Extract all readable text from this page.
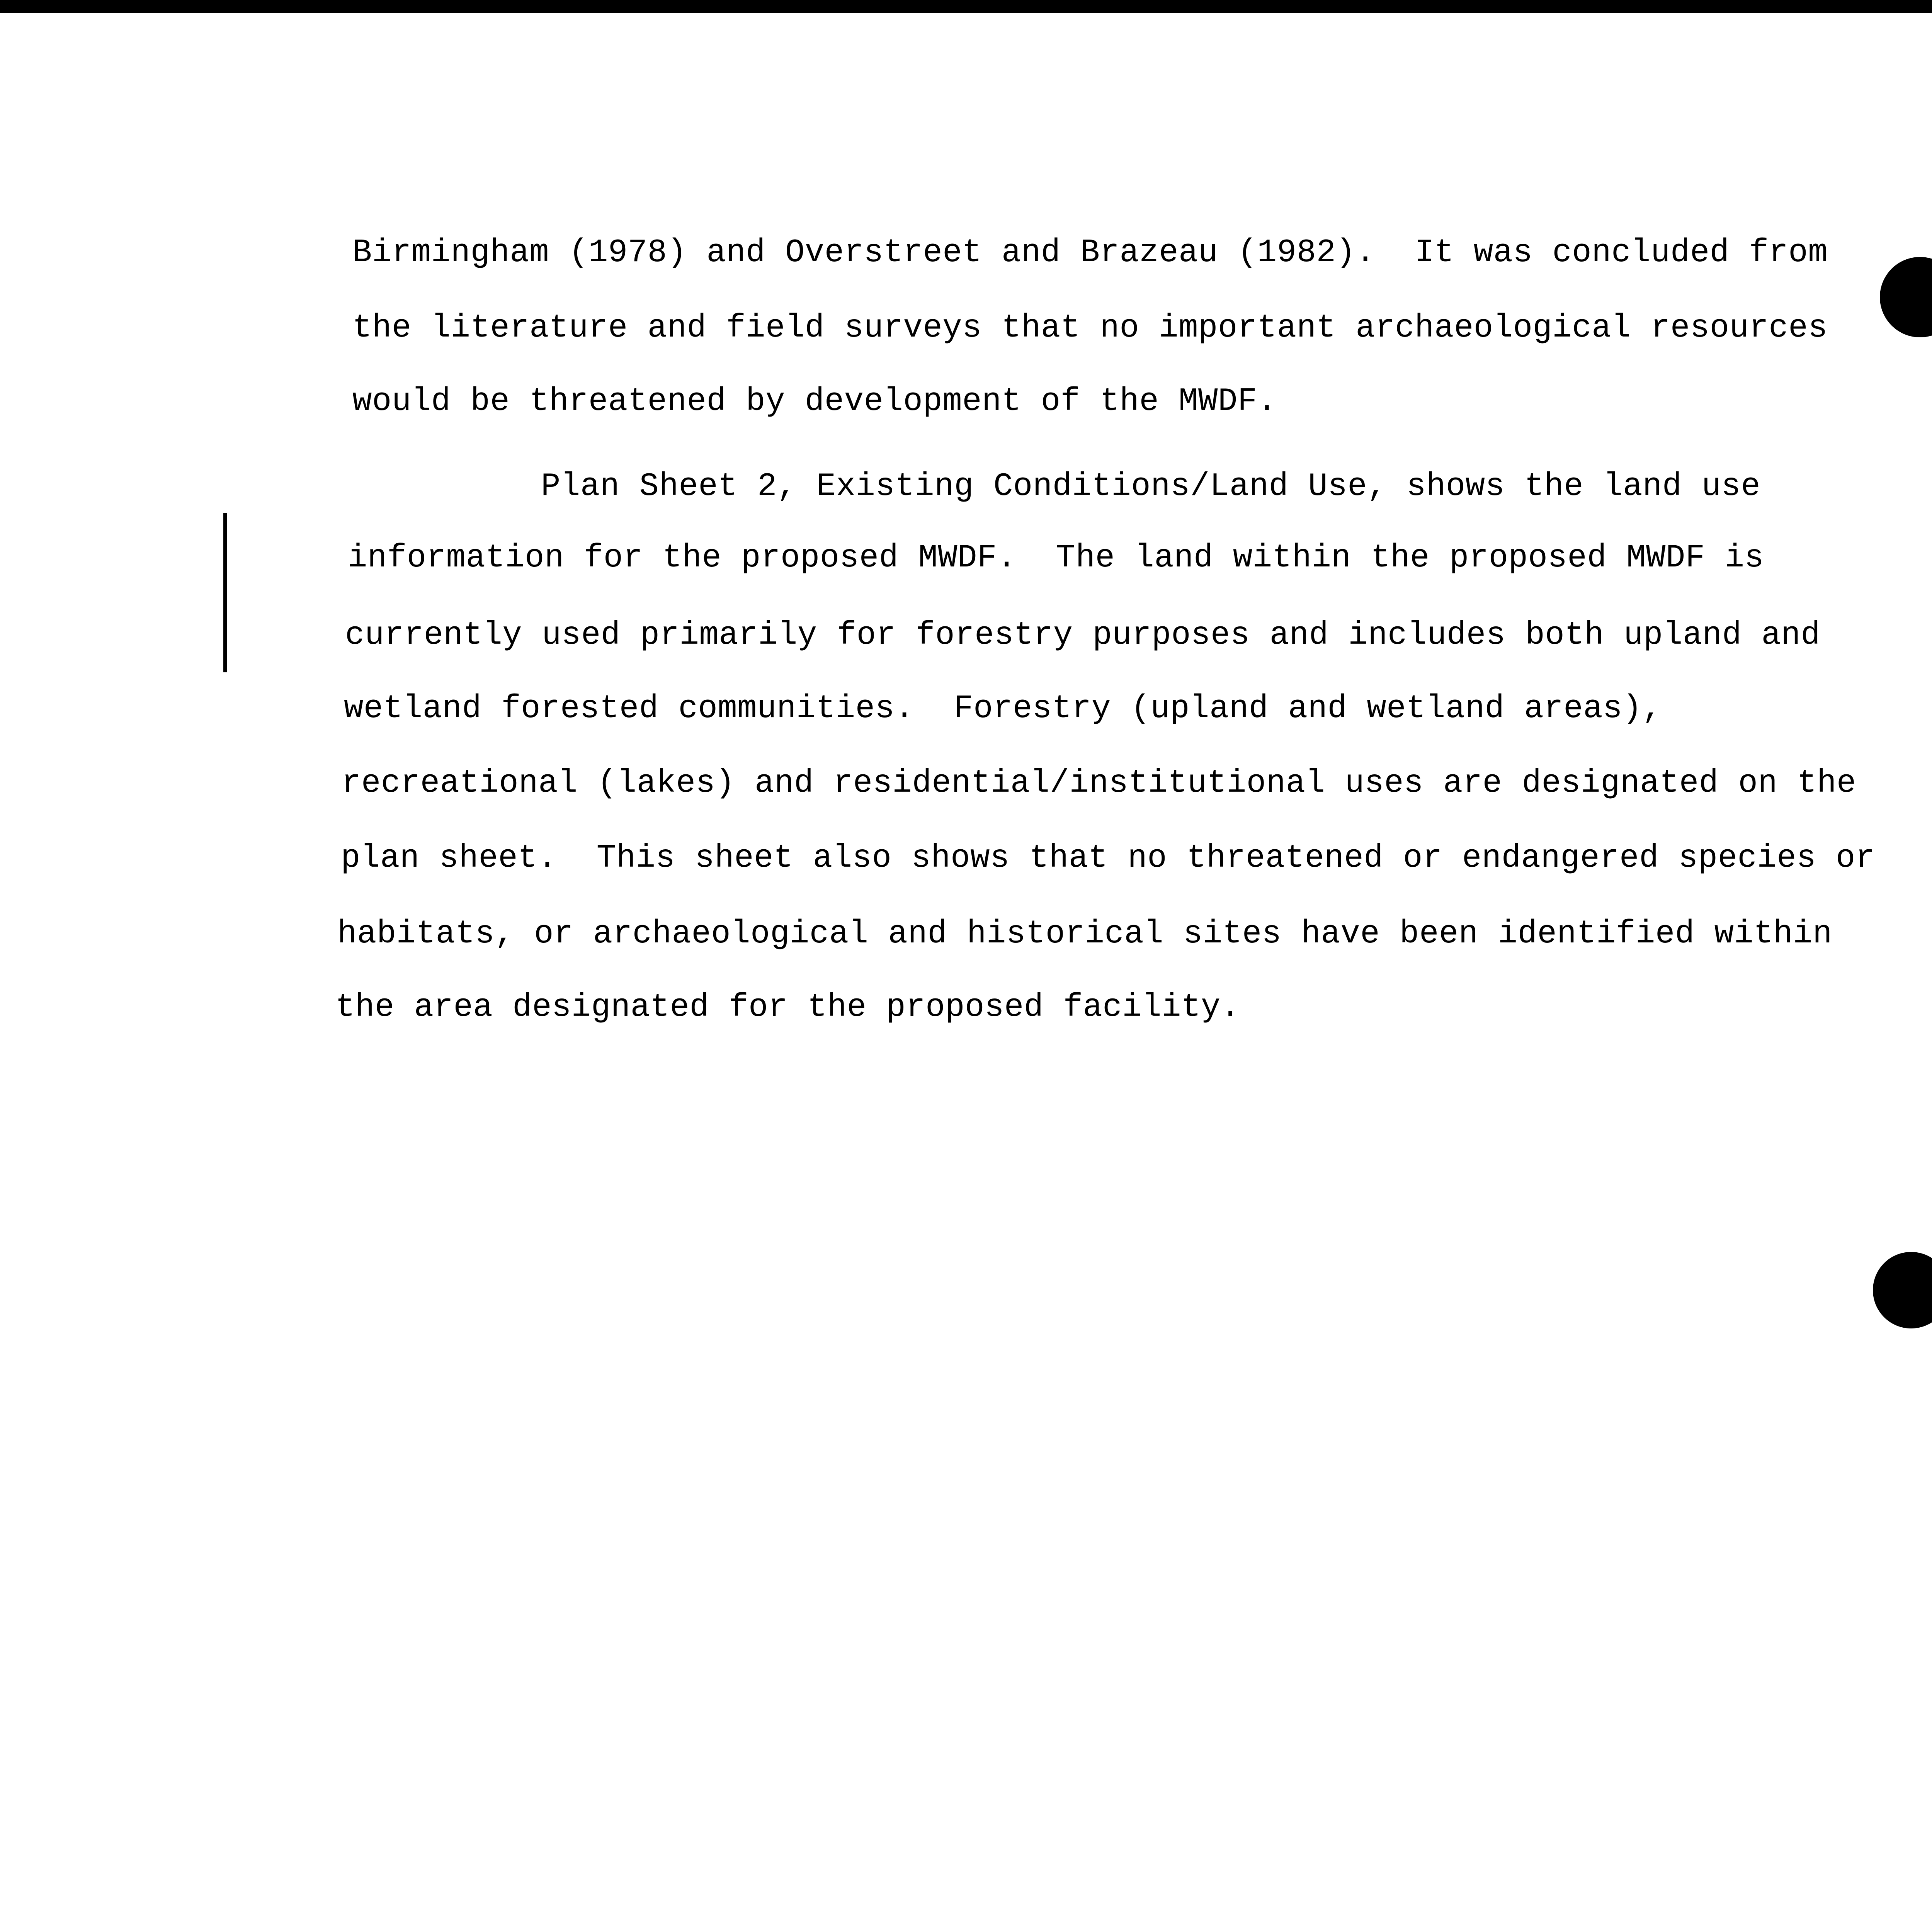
Birmingham (1978) and Overstreet and Brazeau (1982).  It was concluded from

the literature and field surveys that no important archaeological resources

would be threatened by development of the MWDF.

Plan Sheet 2, Existing Conditions/Land Use, shows the land use

information for the proposed MWDF.  The land within the proposed MWDF is

currently used primarily for forestry purposes and includes both upland and

wetland forested communities.  Forestry (upland and wetland areas),

recreational (lakes) and residential/institutional uses are designated on the

plan sheet.  This sheet also shows that no threatened or endangered species or

habitats, or archaeological and historical sites have been identified within

the area designated for the proposed facility.
